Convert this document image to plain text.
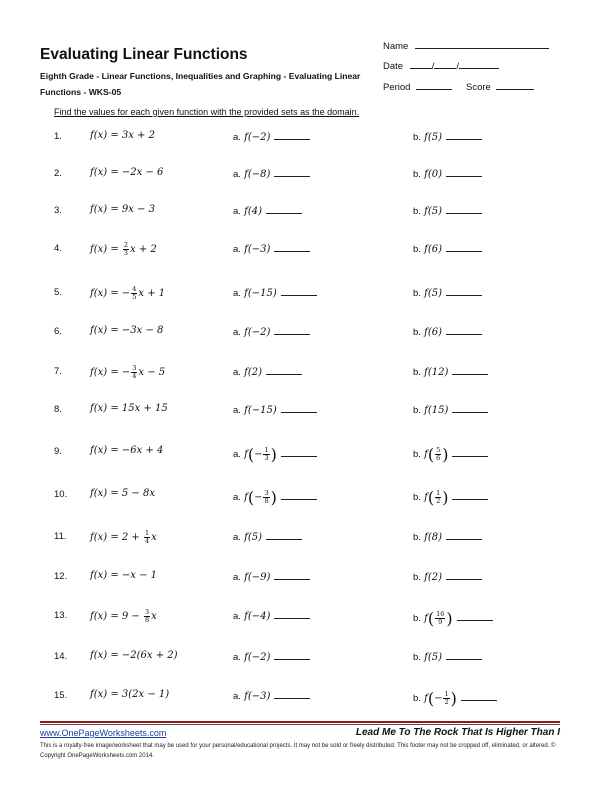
Evaluating Linear Functions
Eighth Grade - Linear Functions, Inequalities and Graphing - Evaluating Linear Functions - WKS-05
Name
Date	/ /
Period	Score
Find the values for each given function with the provided sets as the domain.
1.	f(x) = 3x + 2	a. f(−2)	b. f(5)
2.	f(x) = −2x − 6	a. f(−8)	b. f(0)
3.	f(x) = 9x − 3	a. f(4)	b. f(5)
4.	$f(x) = \frac{2}{3}$ x + 2	a. f(−3)	b. f(6)
5.	f(x) = − $\frac{4}{5}$ x + 1	a. f(−15)	b. f(5)
6.	f(x) = −3x − 8	a. f(−2)	b. f(6)
7.	f(x) = − $\frac{3}{4}$ x − 5	a. f(2)	b. f(12)
8.	f(x) = 15x + 15	a. f(−15)	b. f(15)
9.	f(x) = −6x + 4	a. $f(- \frac{1}{3}$ )	b. $f( \frac{5}{6}$ )
10. f(x) = 5 − 8x	a. $f(- \frac{3}{8}$ )	b. $f( \frac{1}{2}$ )
11. $f(x) = 2 + \frac{1}{4}$ x	a. f(5)	b. f(8)
12. f(x) = −x − 1	a. f(−9)	b. f(2)
13. $f(x) = 9 - \frac{3}{8}$ x	a. f(−4)	b. $f( \frac{16}{9}$ )
14. f(x) = −2(6x + 2)	a. f(−2)	b. f(5)
15. f(x) = 3(2x − 1)	a. f(−3)	b. $f(- \frac{1}{2}$ )
www.OnePageWorksheets.com	Lead Me To The Rock That Is Higher Than I
This is a royalty-free image/worksheet that may be used for your personal/educational projects. It may not be sold or freely distributed. This footer may not be cropped off, eliminated, or altered. © Copyright OnePageWorksheets.com 2014.
